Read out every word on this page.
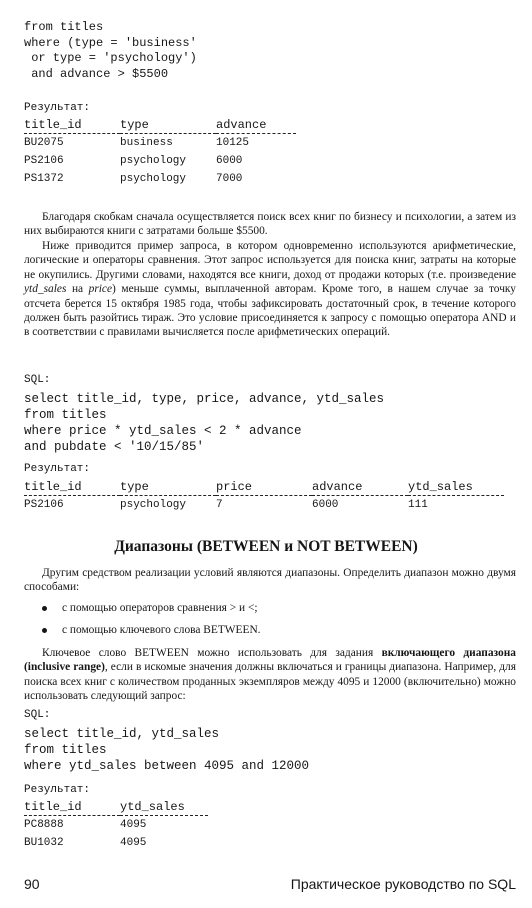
from titles
where (type = 'business'
or type = 'psychology')
and advance > $5500
Результат:
title_id	type	advance
BU2075	business	10125
PS2106	psychology	6000
PS1372	psychology	7000

Благодаря скобкам сначала осуществляется поиск всех книг по бизнесу и психологии, а затем из них выбираются книги с затратами больше $5500.

Ниже приводится пример запроса, в котором одновременно используются арифметические, логические и операторы сравнения. Этот запрос используется для поиска книг, затраты на которые не окупились. Другими словами, находятся все книги, доход от продажи которых (т.е. произведение ytd_sales на price) меньше суммы, выплаченной авторам. Кроме того, в нашем случае за точку отсчета берется 15 октября 1985 года, чтобы зафиксировать достаточный срок, в течение которого должен быть разойтись тираж. Это условие присоединяется к запросу с помощью оператора AND и в соответствии с правилами вычисляется после арифметических операций.

SQL:
select title_id, type, price, advance, ytd_sales
from titles
where price * ytd_sales < 2 * advance
and pubdate < '10/15/85'
Результат:
title_id	type	price	advance	ytd_sales
PS2106	psychology	7	6000	111
Диапазоны (BETWEEN и NOT BETWEEN)

Другим средством реализации условий являются диапазоны. Определить диапазон можно двумя способами:

с помощью операторов сравнения > и <;
с помощью ключевого слова BETWEEN.

Ключевое слово BETWEEN можно использовать для задания включающего диапазона (inclusive range), если в искомые значения должны включаться и границы диапазона. Например, для поиска всех книг с количеством проданных экземпляров между 4095 и 12000 (включительно) можно использовать следующий запрос:

SQL:
select title_id, ytd_sales
from titles
where ytd_sales between 4095 and 12000
Результат:
title_id	ytd_sales
PC8888	4095
BU1032	4095
90	Практическое руководство по SQL
